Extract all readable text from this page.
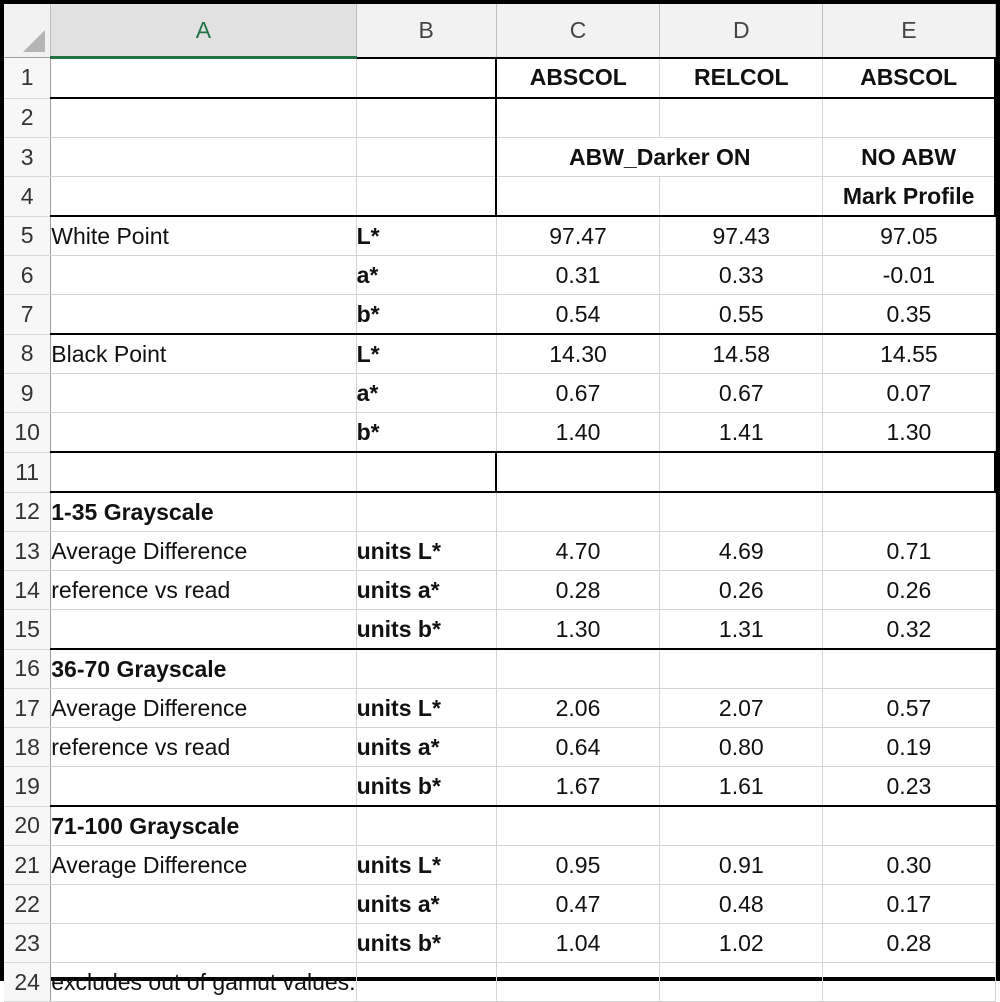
	A	B	C	D	E
1			ABSCOL	RELCOL	ABSCOL
2					
3			ABW_Darker ON		NO ABW
4					Mark Profile
5	White Point	L*	97.47	97.43	97.05
6		a*	0.31	0.33	-0.01
7		b*	0.54	0.55	0.35
8	Black Point	L*	14.30	14.58	14.55
9		a*	0.67	0.67	0.07
10		b*	1.40	1.41	1.30
11					
12	1-35 Grayscale				
13	Average Difference	units L*	4.70	4.69	0.71
14	reference vs read	units a*	0.28	0.26	0.26
15		units b*	1.30	1.31	0.32
16	36-70 Grayscale				
17	Average Difference	units L*	2.06	2.07	0.57
18	reference vs read	units a*	0.64	0.80	0.19
19		units b*	1.67	1.61	0.23
20	71-100 Grayscale				
21	Average Difference	units L*	0.95	0.91	0.30
22		units a*	0.47	0.48	0.17
23		units b*	1.04	1.02	0.28
24	excludes out of gamut values.				
